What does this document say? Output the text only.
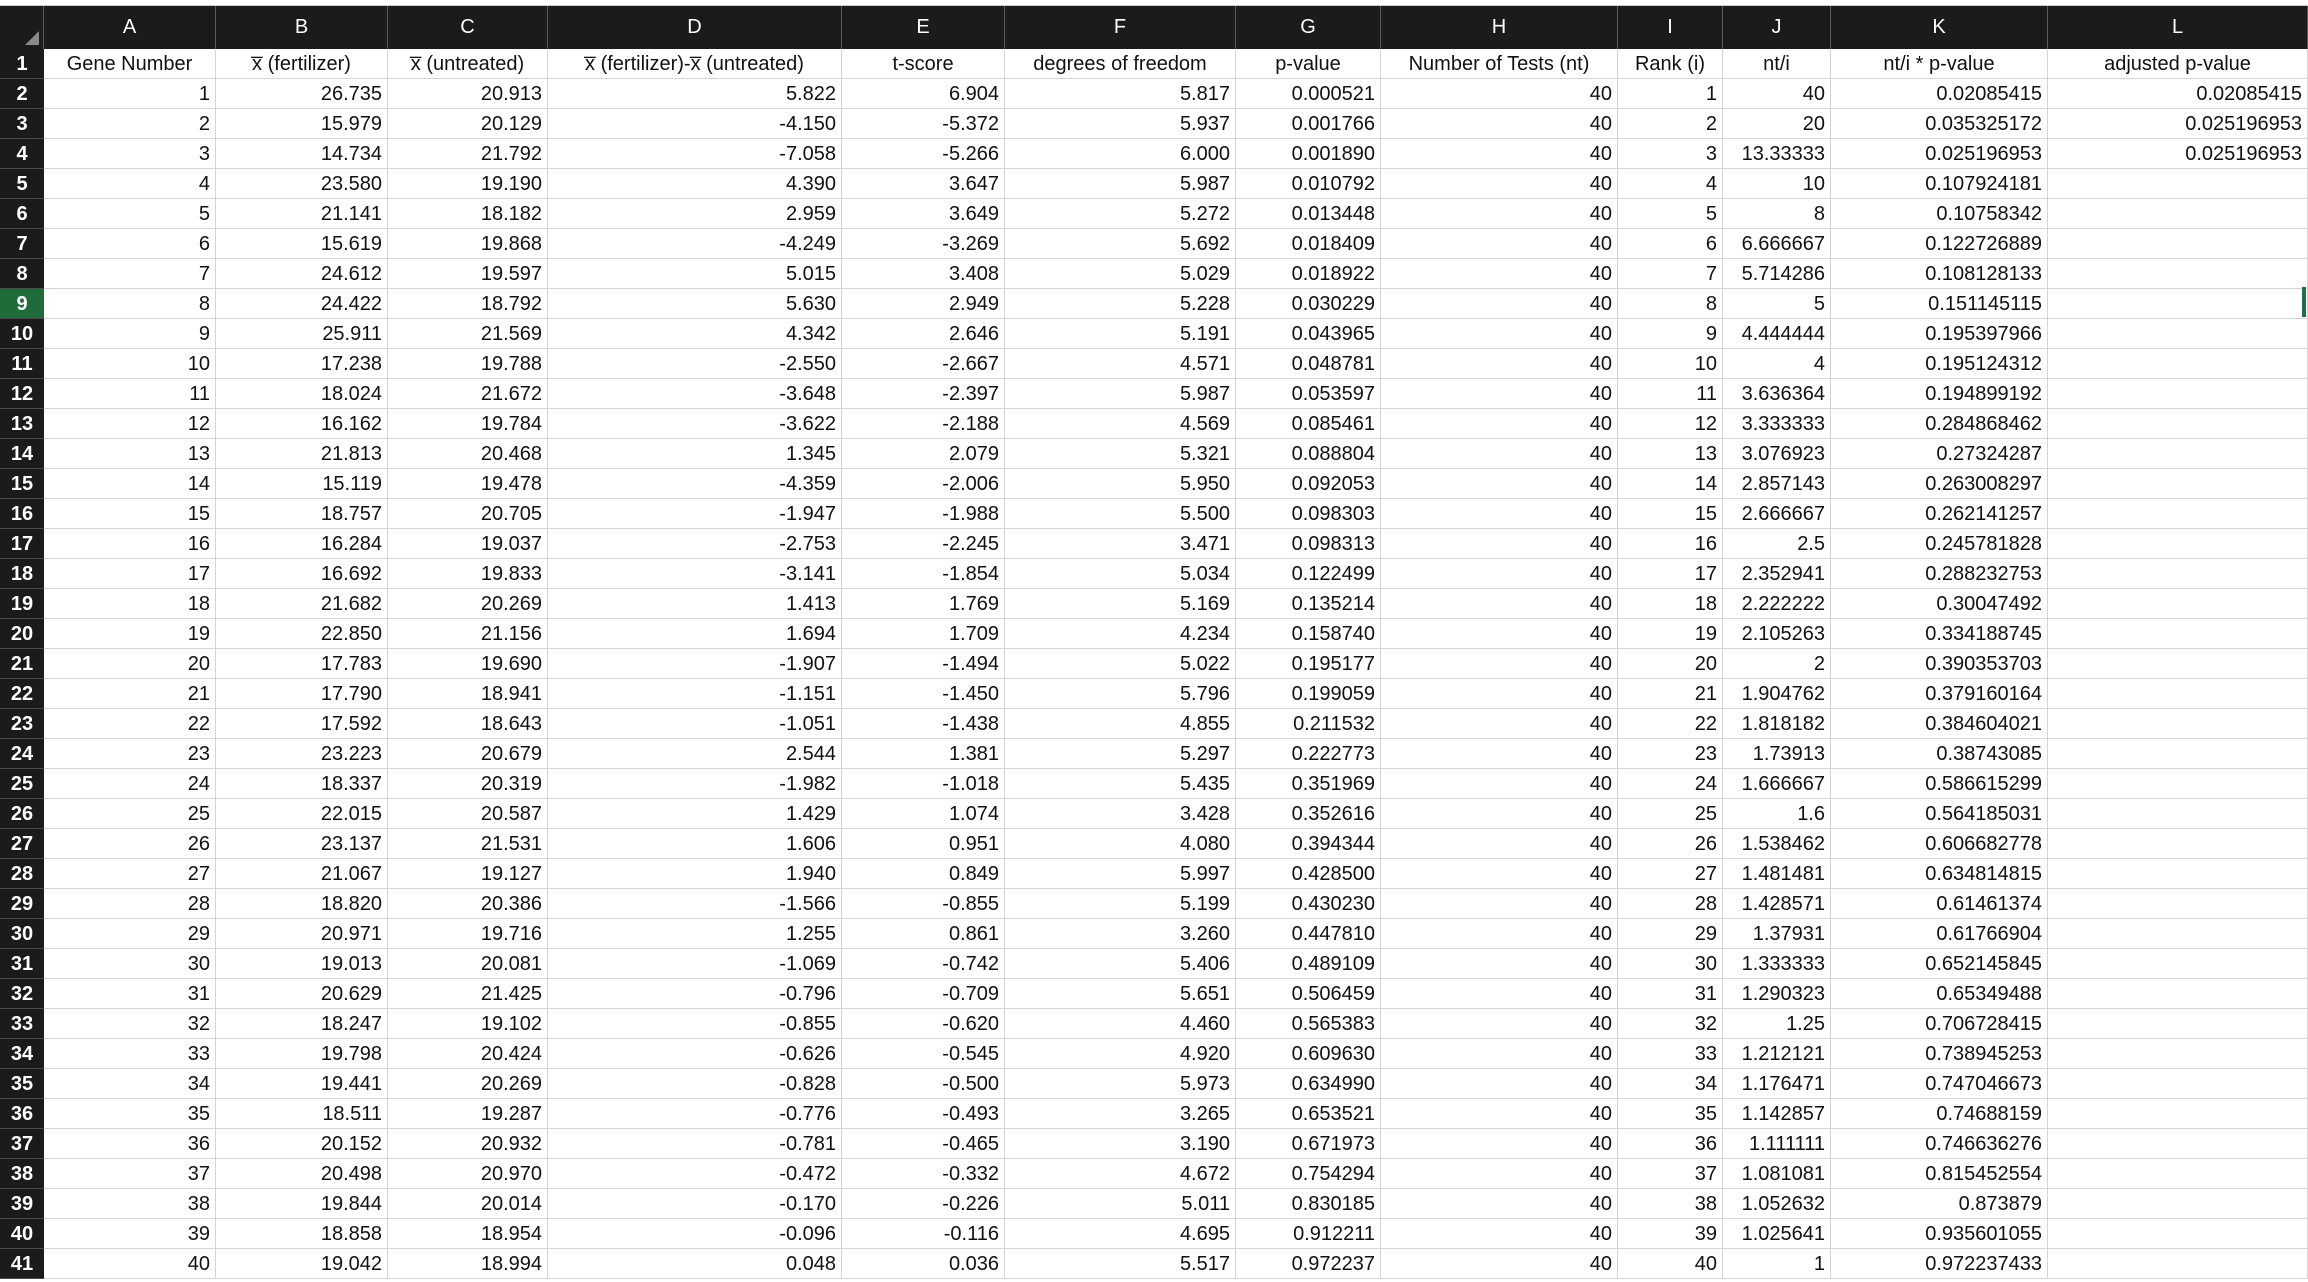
A	B	C	D	E	F	G	H	I	J	K	L
1	Gene Number	x̅ (fertilizer)	x̅ (untreated)	x̅ (fertilizer)-x̅ (untreated)	t-score	degrees of freedom	p-value	Number of Tests (nt)	Rank (i)	nt/i	nt/i * p-value	adjusted p-value
2	1	26.735	20.913	5.822	6.904	5.817	0.000521	40	1	40	0.02085415	0.02085415
3	2	15.979	20.129	-4.150	-5.372	5.937	0.001766	40	2	20	0.035325172	0.025196953
4	3	14.734	21.792	-7.058	-5.266	6.000	0.001890	40	3	13.33333	0.025196953	0.025196953
5	4	23.580	19.190	4.390	3.647	5.987	0.010792	40	4	10	0.107924181
6	5	21.141	18.182	2.959	3.649	5.272	0.013448	40	5	8	0.10758342
7	6	15.619	19.868	-4.249	-3.269	5.692	0.018409	40	6	6.666667	0.122726889
8	7	24.612	19.597	5.015	3.408	5.029	0.018922	40	7	5.714286	0.108128133
9	8	24.422	18.792	5.630	2.949	5.228	0.030229	40	8	5	0.151145115
10	9	25.911	21.569	4.342	2.646	5.191	0.043965	40	9	4.444444	0.195397966
11	10	17.238	19.788	-2.550	-2.667	4.571	0.048781	40	10	4	0.195124312
12	11	18.024	21.672	-3.648	-2.397	5.987	0.053597	40	11	3.636364	0.194899192
13	12	16.162	19.784	-3.622	-2.188	4.569	0.085461	40	12	3.333333	0.284868462
14	13	21.813	20.468	1.345	2.079	5.321	0.088804	40	13	3.076923	0.27324287
15	14	15.119	19.478	-4.359	-2.006	5.950	0.092053	40	14	2.857143	0.263008297
16	15	18.757	20.705	-1.947	-1.988	5.500	0.098303	40	15	2.666667	0.262141257
17	16	16.284	19.037	-2.753	-2.245	3.471	0.098313	40	16	2.5	0.245781828
18	17	16.692	19.833	-3.141	-1.854	5.034	0.122499	40	17	2.352941	0.288232753
19	18	21.682	20.269	1.413	1.769	5.169	0.135214	40	18	2.222222	0.30047492
20	19	22.850	21.156	1.694	1.709	4.234	0.158740	40	19	2.105263	0.334188745
21	20	17.783	19.690	-1.907	-1.494	5.022	0.195177	40	20	2	0.390353703
22	21	17.790	18.941	-1.151	-1.450	5.796	0.199059	40	21	1.904762	0.379160164
23	22	17.592	18.643	-1.051	-1.438	4.855	0.211532	40	22	1.818182	0.384604021
24	23	23.223	20.679	2.544	1.381	5.297	0.222773	40	23	1.73913	0.38743085
25	24	18.337	20.319	-1.982	-1.018	5.435	0.351969	40	24	1.666667	0.586615299
26	25	22.015	20.587	1.429	1.074	3.428	0.352616	40	25	1.6	0.564185031
27	26	23.137	21.531	1.606	0.951	4.080	0.394344	40	26	1.538462	0.606682778
28	27	21.067	19.127	1.940	0.849	5.997	0.428500	40	27	1.481481	0.634814815
29	28	18.820	20.386	-1.566	-0.855	5.199	0.430230	40	28	1.428571	0.61461374
30	29	20.971	19.716	1.255	0.861	3.260	0.447810	40	29	1.37931	0.61766904
31	30	19.013	20.081	-1.069	-0.742	5.406	0.489109	40	30	1.333333	0.652145845
32	31	20.629	21.425	-0.796	-0.709	5.651	0.506459	40	31	1.290323	0.65349488
33	32	18.247	19.102	-0.855	-0.620	4.460	0.565383	40	32	1.25	0.706728415
34	33	19.798	20.424	-0.626	-0.545	4.920	0.609630	40	33	1.212121	0.738945253
35	34	19.441	20.269	-0.828	-0.500	5.973	0.634990	40	34	1.176471	0.747046673
36	35	18.511	19.287	-0.776	-0.493	3.265	0.653521	40	35	1.142857	0.74688159
37	36	20.152	20.932	-0.781	-0.465	3.190	0.671973	40	36	1.111111	0.746636276
38	37	20.498	20.970	-0.472	-0.332	4.672	0.754294	40	37	1.081081	0.815452554
39	38	19.844	20.014	-0.170	-0.226	5.011	0.830185	40	38	1.052632	0.873879
40	39	18.858	18.954	-0.096	-0.116	4.695	0.912211	40	39	1.025641	0.935601055
41	40	19.042	18.994	0.048	0.036	5.517	0.972237	40	40	1	0.972237433
